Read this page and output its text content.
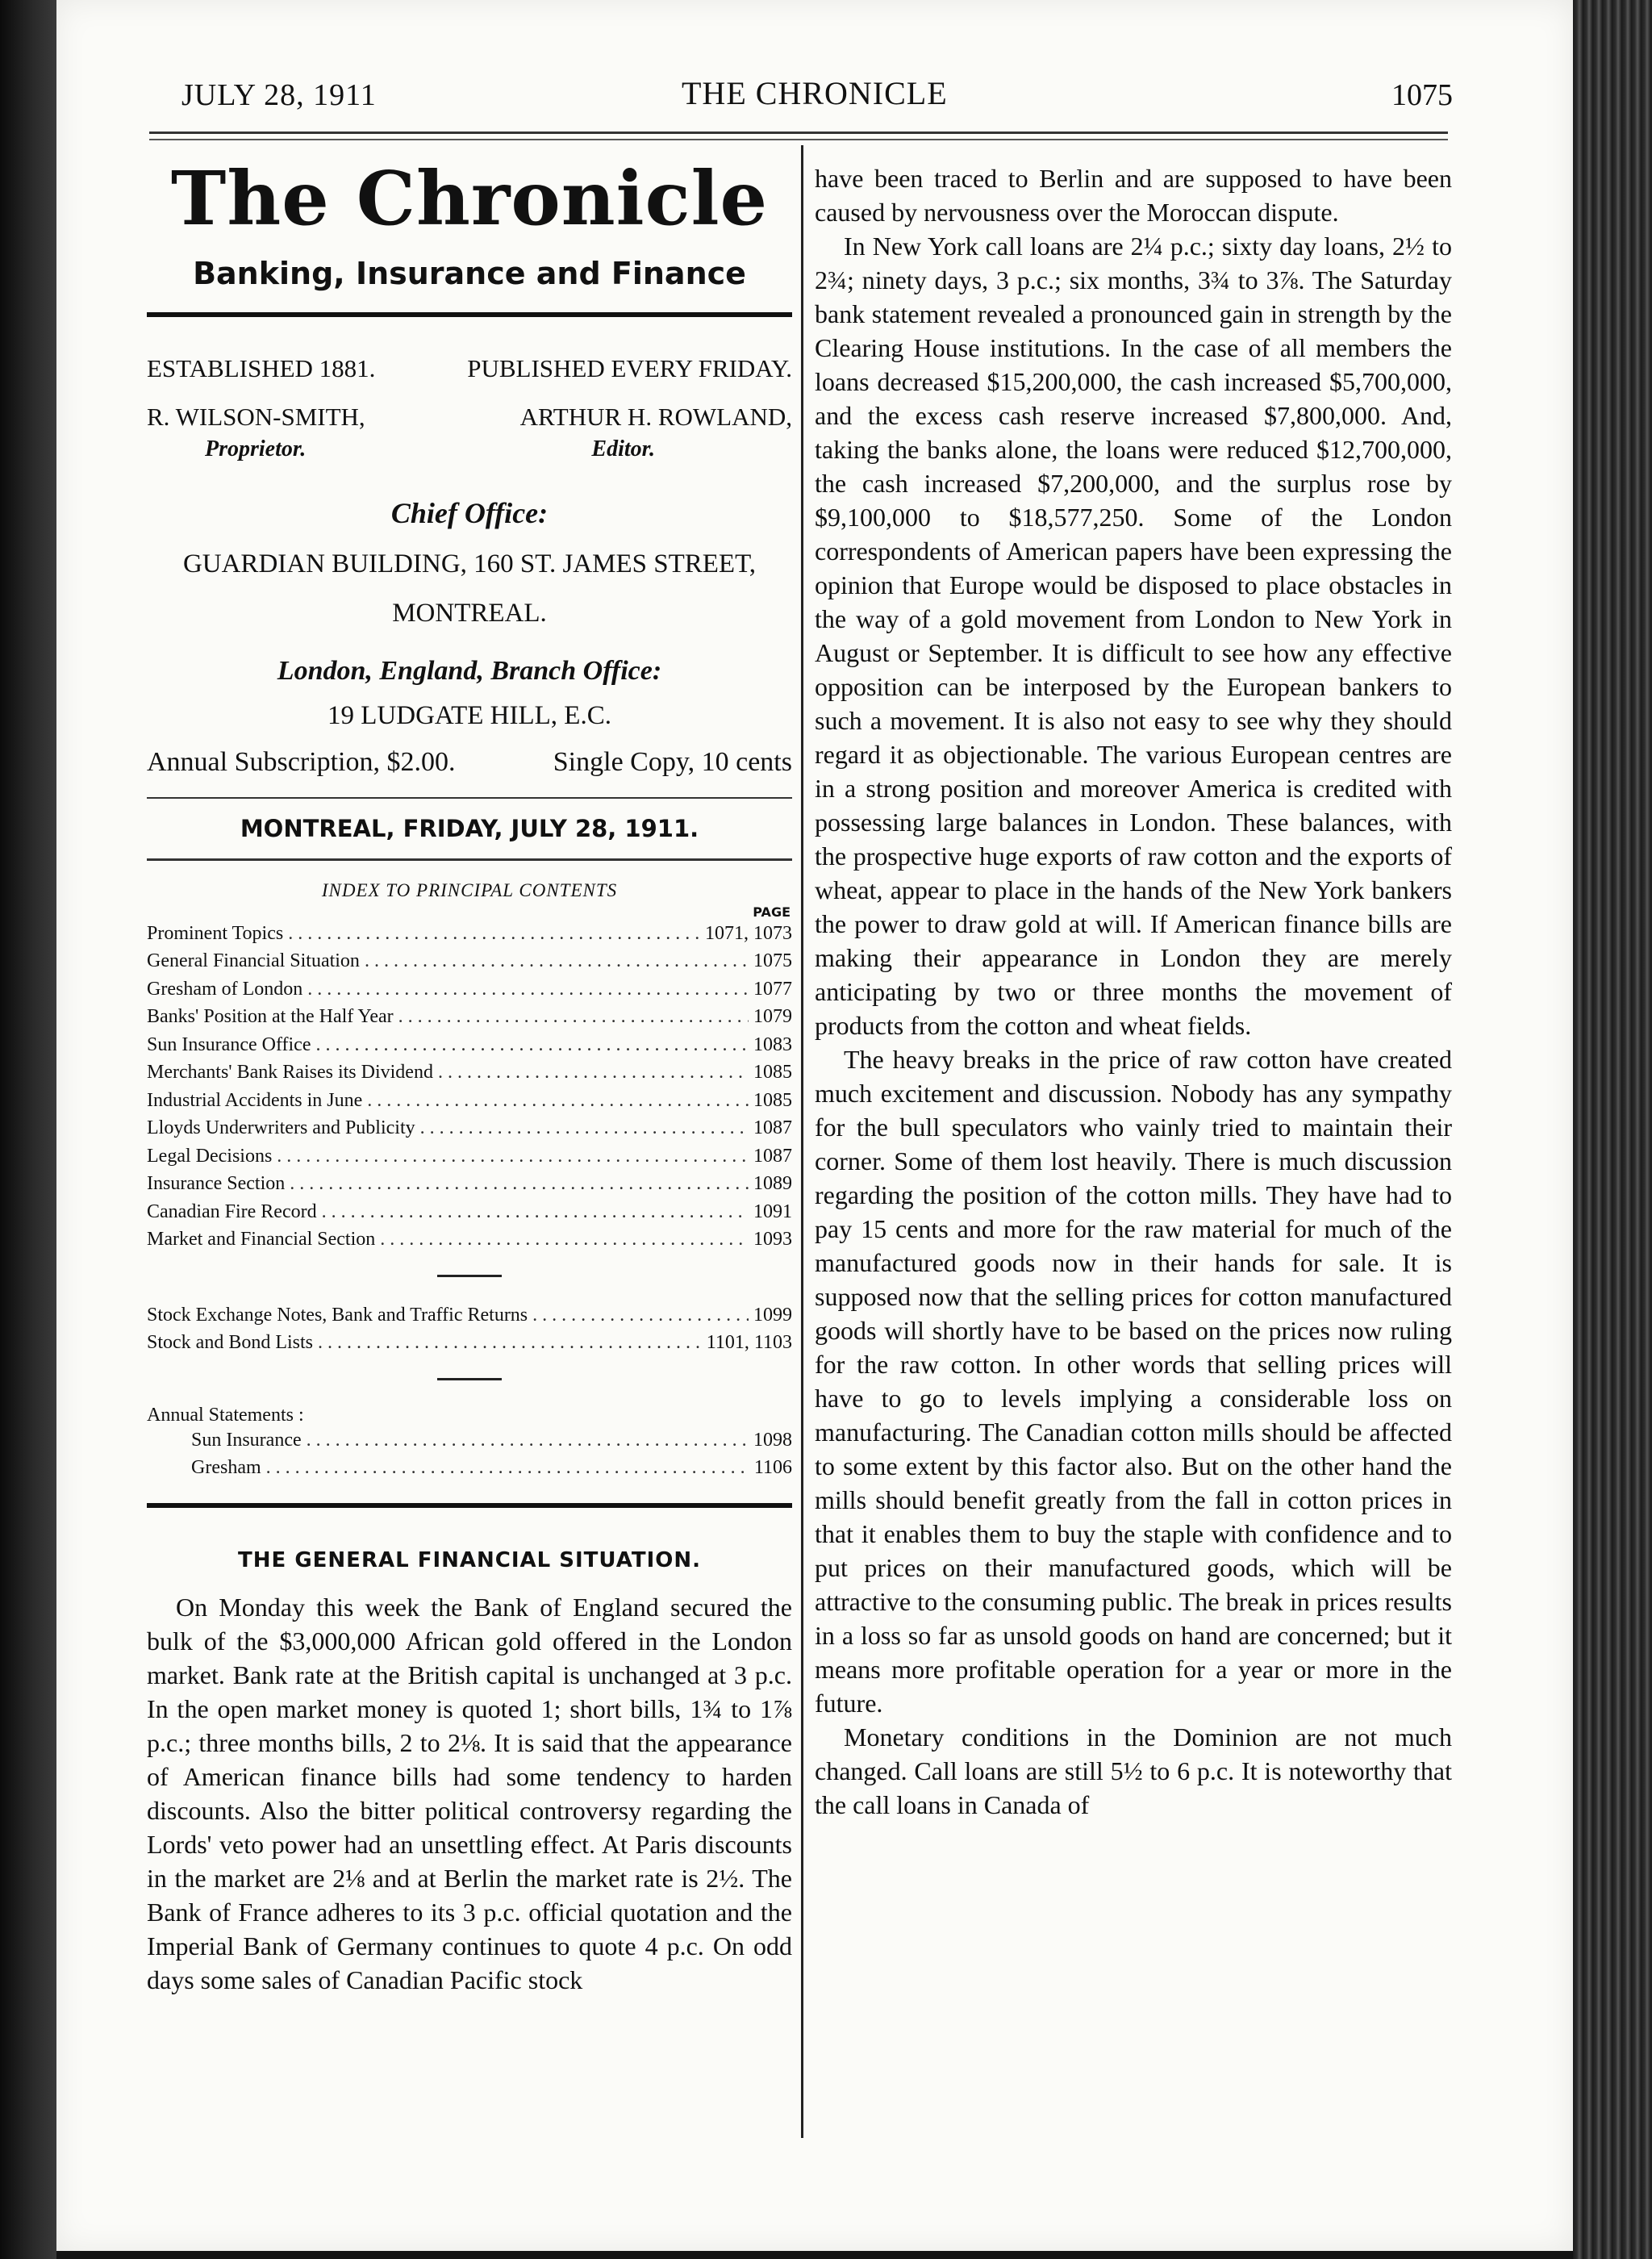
JULY 28, 1911	THE CHRONICLE	1075
The Chronicle
Banking, Insurance and Finance
ESTABLISHED 1881.	PUBLISHED EVERY FRIDAY.
R. WILSON-SMITH,	ARTHUR H. ROWLAND,
Proprietor.	Editor.
Chief Office:
GUARDIAN BUILDING, 160 ST. JAMES STREET,
MONTREAL.
London, England, Branch Office:
19 LUDGATE HILL, E.C.
Annual Subscription, $2.00.	Single Copy, 10 cents
MONTREAL, FRIDAY, JULY 28, 1911.
INDEX TO PRINCIPAL CONTENTS
PAGE
Prominent Topics . . .	1071, 1073
General Financial Situation . . .	1075
Gresham of London . . .	1077
Banks' Position at the Half Year . . .	1079
Sun Insurance Office . . .	1083
Merchants' Bank Raises its Dividend . . .	1085
Industrial Accidents in June . . .	1085
Lloyds Underwriters and Publicity . . .	1087
Legal Decisions . . .	1087
Insurance Section . . .	1089
Canadian Fire Record . . .	1091
Market and Financial Section . . .	1093
Stock Exchange Notes, Bank and Traffic Returns . . .	1099
Stock and Bond Lists . . .	1101, 1103
Annual Statements :
Sun Insurance . . .	1098
Gresham . . .	1106
THE GENERAL FINANCIAL SITUATION.

On Monday this week the Bank of England secured the bulk of the $3,000,000 African gold offered in the London market. Bank rate at the British capital is unchanged at 3 p.c. In the open market money is quoted 1; short bills, 1¾ to 1⅞ p.c.; three months bills, 2 to 2⅛. It is said that the appearance of American finance bills had some tendency to harden discounts. Also the bitter political controversy regarding the Lords' veto power had an unsettling effect. At Paris discounts in the market are 2⅛ and at Berlin the market rate is 2½. The Bank of France adheres to its 3 p.c. official quotation and the Imperial Bank of Germany continues to quote 4 p.c. On odd days some sales of Canadian Pacific stock

have been traced to Berlin and are supposed to have been caused by nervousness over the Moroccan dispute.

In New York call loans are 2¼ p.c.; sixty day loans, 2½ to 2¾; ninety days, 3 p.c.; six months, 3¾ to 3⅞. The Saturday bank statement revealed a pronounced gain in strength by the Clearing House institutions. In the case of all members the loans decreased $15,200,000, the cash increased $5,700,000, and the excess cash reserve increased $7,800,000. And, taking the banks alone, the loans were reduced $12,700,000, the cash increased $7,200,000, and the surplus rose by $9,100,000 to $18,577,250. Some of the London correspondents of American papers have been expressing the opinion that Europe would be disposed to place obstacles in the way of a gold movement from London to New York in August or September. It is difficult to see how any effective opposition can be interposed by the European bankers to such a movement. It is also not easy to see why they should regard it as objectionable. The various European centres are in a strong position and moreover America is credited with possessing large balances in London. These balances, with the prospective huge exports of raw cotton and the exports of wheat, appear to place in the hands of the New York bankers the power to draw gold at will. If American finance bills are making their appearance in London they are merely anticipating by two or three months the movement of products from the cotton and wheat fields.

The heavy breaks in the price of raw cotton have created much excitement and discussion. Nobody has any sympathy for the bull speculators who vainly tried to maintain their corner. Some of them lost heavily. There is much discussion regarding the position of the cotton mills. They have had to pay 15 cents and more for the raw material for much of the manufactured goods now in their hands for sale. It is supposed now that the selling prices for cotton manufactured goods will shortly have to be based on the prices now ruling for the raw cotton. In other words that selling prices will have to go to levels implying a considerable loss on manufacturing. The Canadian cotton mills should be affected to some extent by this factor also. But on the other hand the mills should benefit greatly from the fall in cotton prices in that it enables them to buy the staple with confidence and to put prices on their manufactured goods, which will be attractive to the consuming public. The break in prices results in a loss so far as unsold goods on hand are concerned; but it means more profitable operation for a year or more in the future.

Monetary conditions in the Dominion are not much changed. Call loans are still 5½ to 6 p.c. It is noteworthy that the call loans in Canada of
